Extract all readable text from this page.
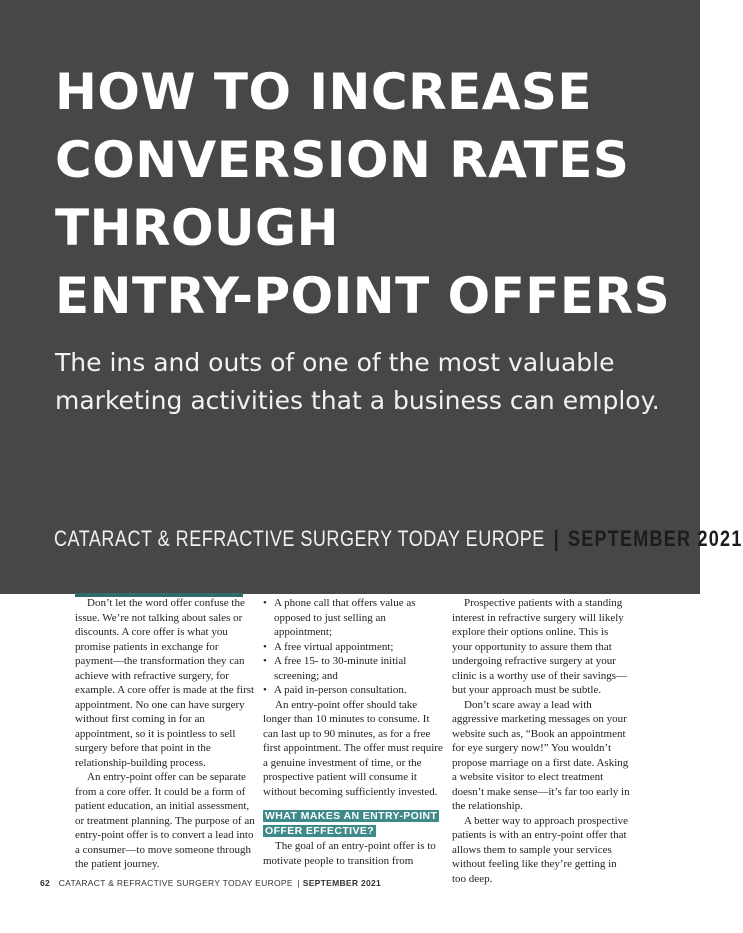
HOW TO INCREASE
CONVERSION RATES
THROUGH
ENTRY-POINT OFFERS
The ins and outs of one of the most valuable marketing activities that a business can employ.
CATARACT & REFRACTIVE SURGERY TODAY EUROPE | SEPTEMBER 2021

Don’t let the word offer confuse the issue. We’re not talking about sales or discounts. A core offer is what you promise patients in exchange for payment—the transformation they can achieve with refractive surgery, for example. A core offer is made at the first appointment. No one can have surgery without first coming in for an appointment, so it is pointless to sell surgery before that point in the relationship-building process.

An entry-point offer can be separate from a core offer. It could be a form of patient education, an initial assessment, or treatment planning. The purpose of an entry-point offer is to convert a lead into a consumer—to move someone through the patient journey.

• A phone call that offers value as opposed to just selling an appointment;
• A free virtual appointment;
• A free 15- to 30-minute initial screening; and
• A paid in-person consultation.

An entry-point offer should take longer than 10 minutes to consume. It can last up to 90 minutes, as for a free first appointment. The offer must require a genuine investment of time, or the prospective patient will consume it without becoming sufficiently invested.

WHAT MAKES AN ENTRY-POINT
OFFER EFFECTIVE?

The goal of an entry-point offer is to motivate people to transition from

Prospective patients with a standing interest in refractive surgery will likely explore their options online. This is your opportunity to assure them that undergoing refractive surgery at your clinic is a worthy use of their savings—but your approach must be subtle.

Don’t scare away a lead with aggressive marketing messages on your website such as, “Book an appointment for eye surgery now!” You wouldn’t propose marriage on a first date. Asking a website visitor to elect treatment doesn’t make sense—it’s far too early in the relationship.

A better way to approach prospective patients is with an entry-point offer that allows them to sample your services without feeling like they’re getting in too deep.

62 CATARACT & REFRACTIVE SURGERY TODAY EUROPE | SEPTEMBER 2021
